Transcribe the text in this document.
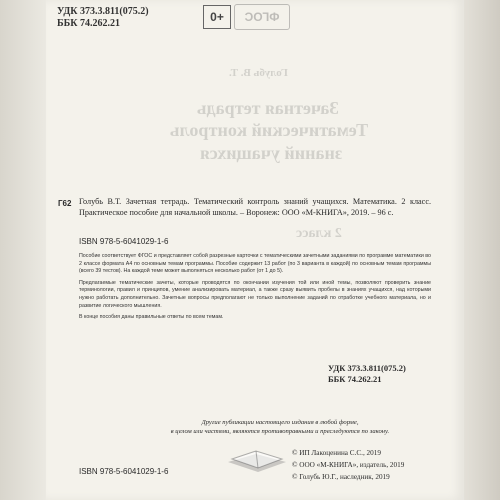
Голубь В. Т.
Зачетная тетрадь
Тематический контроль
знаний учащихся
2 класс
УДК 373.3.811(075.2)
ББК 74.262.21	0+	ФГОС
Г62 Голубь В.Т. Зачетная тетрадь. Тематический контроль знаний учащихся. Математика. 2 класс. Практическое пособие для начальной школы. – Воронеж: ООО «М-КНИГА», 2019. – 96 с.
ISBN 978-5-6041029-1-6

Пособие соответствует ФГОС и представляет собой разрезные карточки с тематическими зачетными заданиями по программе математики во 2 классе формата А4 по основным темам программы. Пособие содержит 13 работ (по 3 варианта в каждой) по основным темам программы (всего 39 тестов). На каждой теме может выполняться несколько работ (от 1 до 5).

Предлагаемые тематические зачеты, которые проводятся по окончании изучения той или иной темы, позволяют проверить знание терминологии, правил и принципов, умение анализировать материал, а также сразу выявить пробелы в знаниях учащихся, над которыми нужно работать дополнительно. Зачетные вопросы предполагают не только выполнение заданий по отработке учебного материала, но и развитие логического мышления.

В конце пособия даны правильные ответы по всем темам.

УДК 373.3.811(075.2)
ББК 74.262.21
Другие публикации настоящего издания в любой форме,
в целом или частями, являются противоправными и преследуются по закону.
ISBN 978-5-6041029-1-6
© ИП Лакоценина С.С., 2019
© ООО «М-КНИГА», издатель, 2019
© Голубь Ю.Г., наследник, 2019
